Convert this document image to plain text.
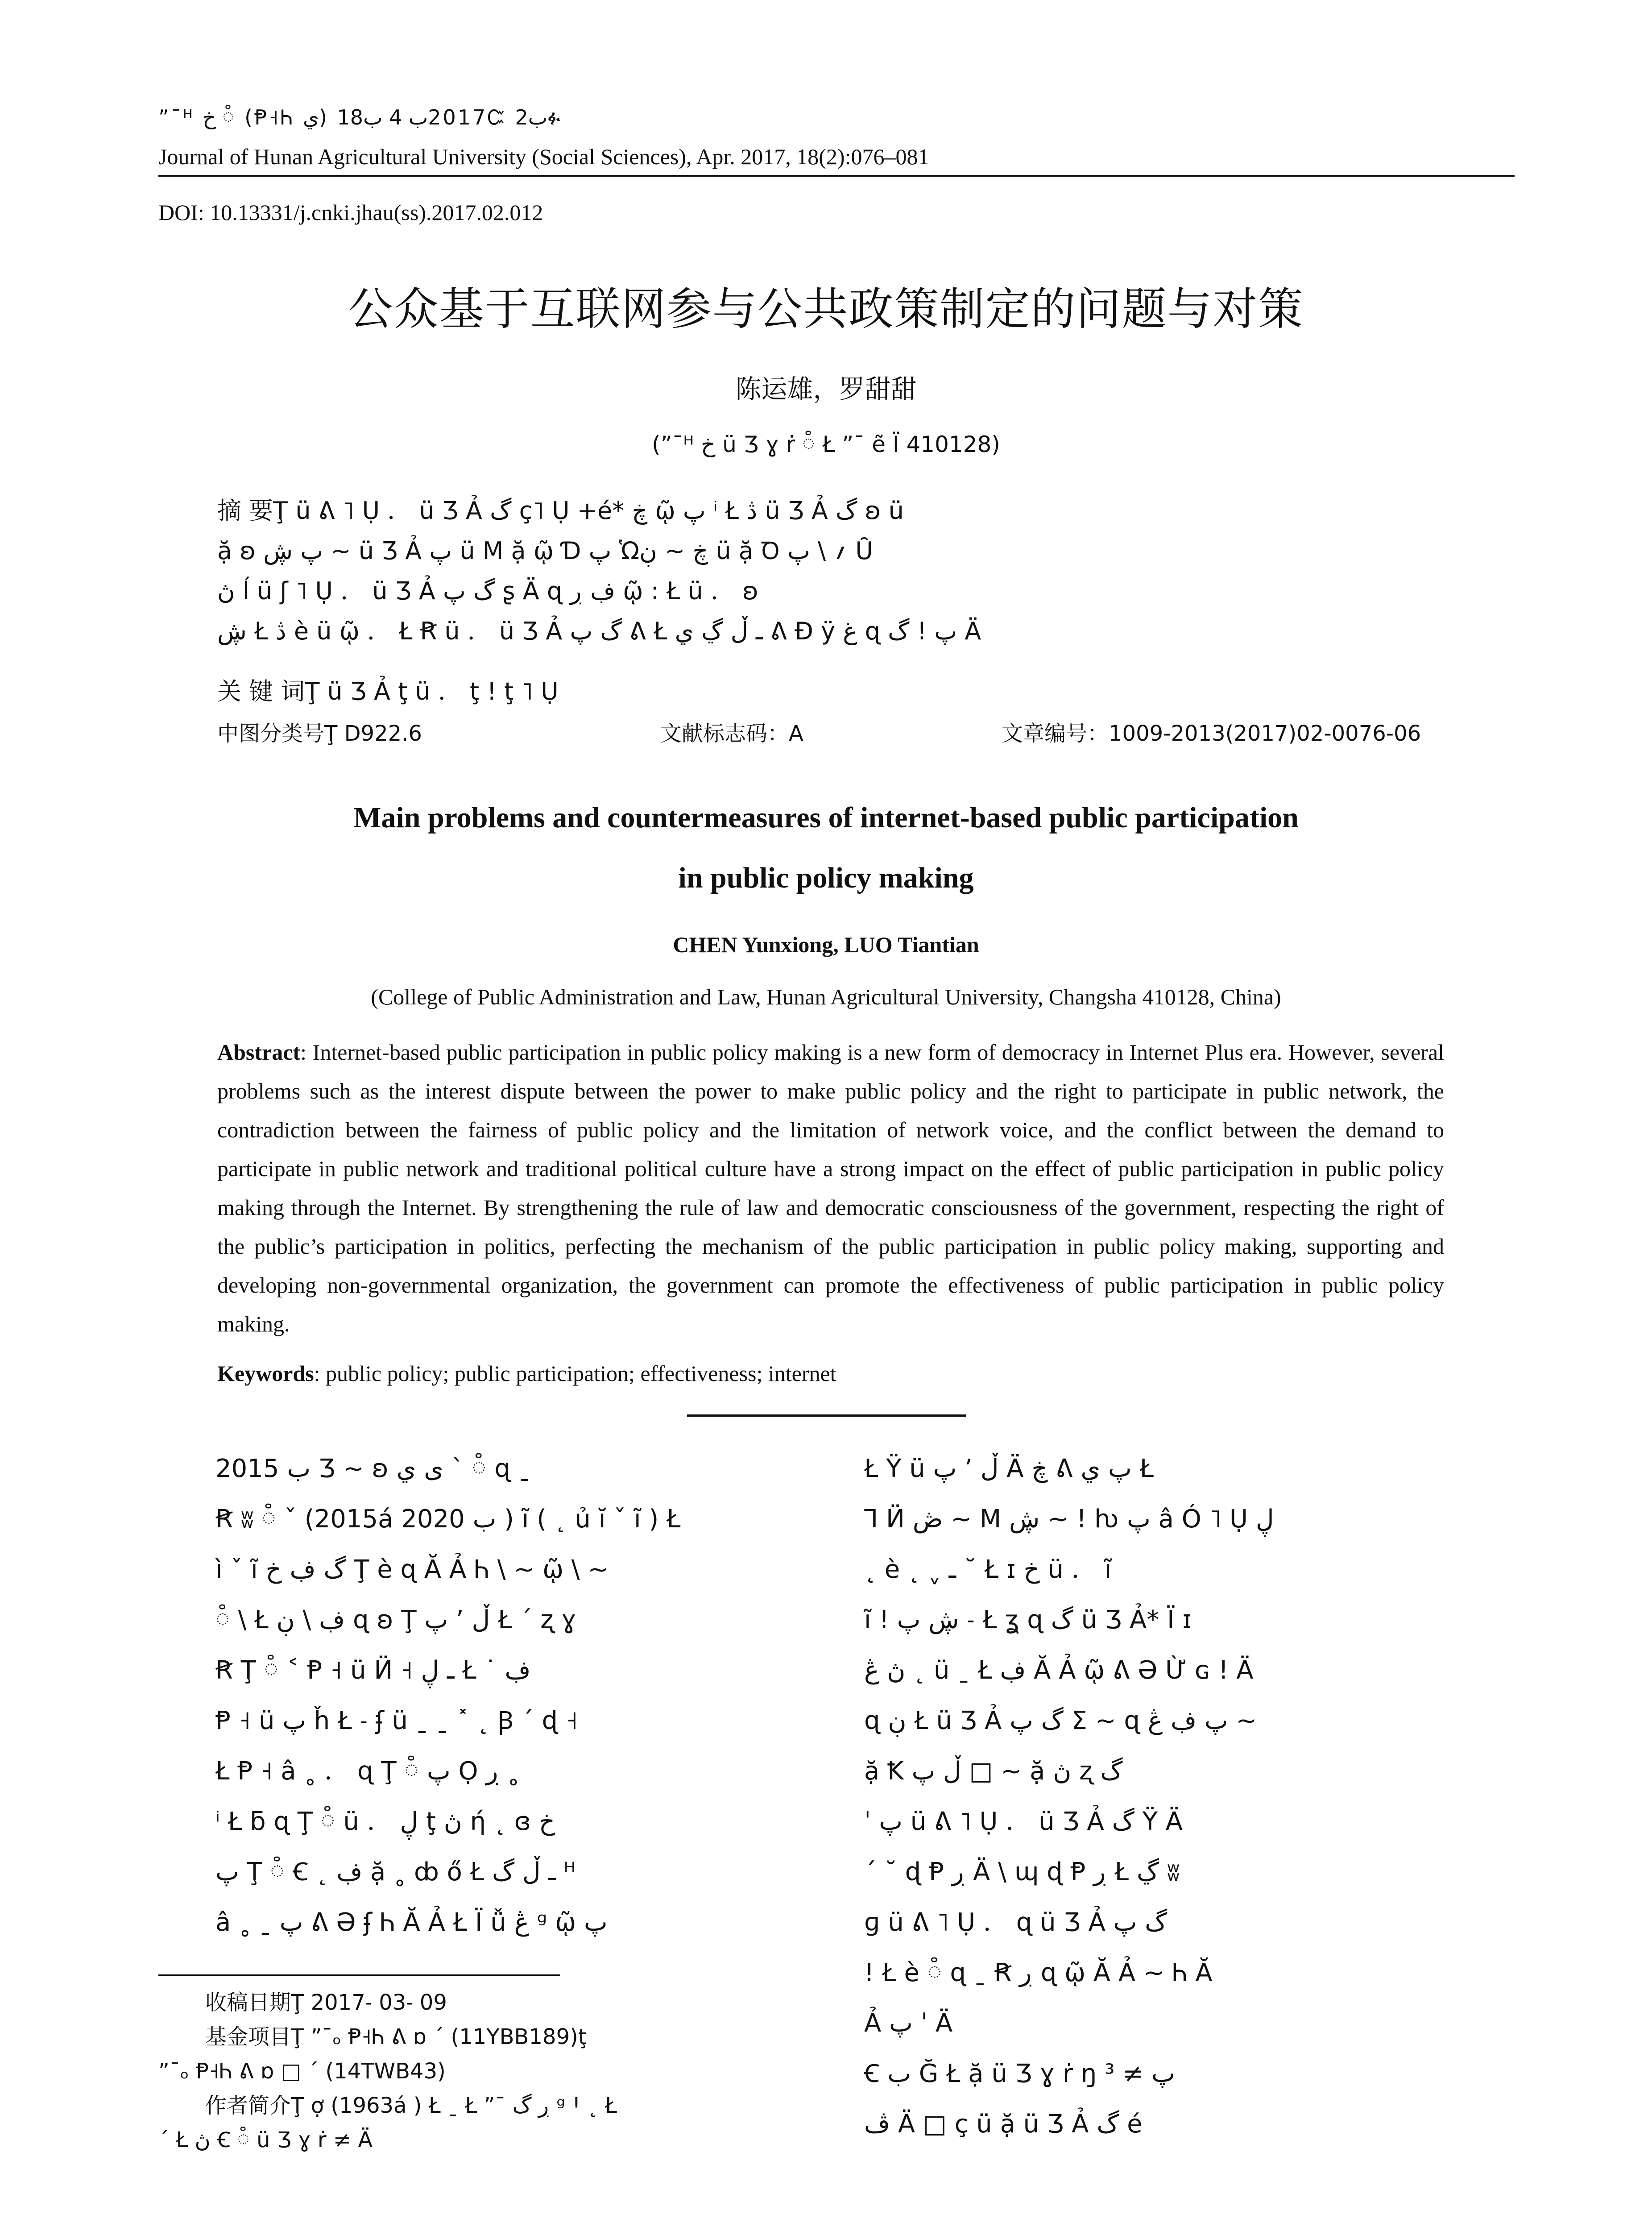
”¯ᴴ خ ៓ (Ᵽ˧Ꮒ ي) 2017ب 4 ب18Ꮸ ب2ፉ
Journal of Hunan Agricultural University (Social Sciences), Apr. 2017, 18(2):076–081
DOI: 10.13331/j.cnki.jhau(ss).2017.02.012
公众基于互联网参与公共政策制定的问题与对策
陈运雄，罗甜甜
(”¯ᴴ خ ü Ʒ ɣ ṙ ៓ Ł ”¯ ẽ Ï 410128)
摘 要Ţ ü ᕕ ˥ Ụ ． ü Ʒ Ả گ ç˥ Ụ +é* ڿ ῷ پ ⁱ Ł ڎ ü Ʒ Ả گ ʚ ü
ặ ʚ پ ڜ ~ ü Ʒ Ả پ ü M ặ ῷ Ɗ پ Ὡڿ ~ ڹ ü ặ Ꝺ ؍ \ پ Ȗ
ڽ ĺ ü ʃ ˥ Ụ ． ü Ʒ Ả گ پ ʂ Ä ɋ ڣ ڔ ῷ : Ł ü ． ʚ
ڜ Ł ڎ è ü ῷ ． Ł Ꞧ ü ． ü Ʒ Ả گ پ ᕕ Ł ـ ڵ ڲ ي ᕕ Đ ÿ غ ɋ پ ! گ Ä
关 键 词Ţ ü Ʒ Ả ţ ü ． ţ ! ţ ˥ Ụ
中图分类号Ţ D922.6	文献标志码：A	文章编号：1009-2013(2017)02-0076-06
Main problems and countermeasures of internet-based public participation
in public policy making
CHEN Yunxiong, LUO Tiantian
(College of Public Administration and Law, Hunan Agricultural University, Changsha 410128, China)
Abstract: Internet-based public participation in public policy making is a new form of democracy in Internet Plus era. However, several problems such as the interest dispute between the power to make public policy and the right to participate in public network, the contradiction between the fairness of public policy and the limitation of network voice, and the conflict between the demand to participate in public network and traditional political culture have a strong impact on the effect of public participation in public policy making through the Internet. By strengthening the rule of law and democratic consciousness of the government, respecting the right of the public’s participation in politics, perfecting the mechanism of the public participation in public policy making, supporting and developing non-governmental organization, the government can promote the effectiveness of public participation in public policy making.
Keywords: public policy; public participation; effectiveness; internet
2015 ب Ʒ ~ ʚ ی ي ˋ ៓ ɋ ˍ
Ꞧ ʬ ៓ ˇ (2015á 2020 ب ) ĩ ( ˛ ủ ĭ ˇ ĩ ) Ł
ì ˇ ĩ گ ڣ خ Ţ è ɋ Ă Ả Ꮒ \ ~ ῷ \ ~
៓ \ Ł ڣ \ ڹ ɋ ʚ Ţ پ ʼ ڵ Ł ˊ ʐ ɣ
Ꞧ Ţ ៓ ˂ Ᵽ ˧ ü Ӥ ˧ ـ ڸ Ł ˙ ڣ
Ᵽ ˧ ü پ ȟ Ł ˗ ʄ ü ˍ ˍ ˟ ˛ Ꞵ ˊ ɖ ˧
Ł Ᵽ ˧ â ˳ ． ɋ Ţ ៓ پ Ọ ڔ ˳
ⁱ Ł ƃ ɋ Ţ ៓ ü ． ڸ ţ ڽ ή ˛ ɞ خ
پ Ţ ៓ Ꞓ ˛ ڣ ặ ˳ ȸ ő Ł ـ ڵ گ ᴴ
â ˳ ˍ پ ᕕ Ə ʄ Ꮒ Ă Ả Ł Ï ǚ ڠ ᵍ ῷ پ
Ł Ÿ ü پ ʼ ڵ Ä ڿ ᕕ پ ي Ł
Ꞁ Ӥ ڞ ~ M ڜ ~ ! ƕ پ â Ó ˥ Ụ ڸ
˛ è ˛ ˬ ـ ˘ Ł ɪ خ ü ． ĩ
ĩ ! ڜ پ ˗ Ł ʓ ɋ گ ü Ʒ Ả* Ï ɪ
ڽ ڠ ˛ ü ˍ Ł ڣ Ă Ả ῷ ᕕ Ə Ừ ɢ ! Ä
ɋ ڹ Ł ü Ʒ Ả گ پ Σ ~ ɋ پ ڣ ڠ ~
ặ Ꝁ ڵ پ □ ~ ặ ڽ ʐ گ
ˈ پ ü ᕕ ˥ Ụ ． ü Ʒ Ả گ Ÿ Ä
ˊ ˘ ɖ Ᵽ ڔ Ä \ ɰ ɖ Ᵽ ڔ Ł ڲ ʬ
ɡ ü ᕕ ˥ Ụ ． ɋ ü Ʒ Ả گ پ
! Ł è ៓ ɋ ˍ Ꞧ ڔ ɋ ῷ Ă Ả ~ Ꮒ Ă
Ả پ ˈ Ä
Ꞓ ب Ğ Ł ặ ü Ʒ ɣ ṙ ŋ پ ≠ ³
ڤ Ä □ ç ü ặ ü Ʒ Ả گ é
收稿日期Ţ 2017˗ 03˗ 09
基金项目Ţ ”¯ₒ Ᵽ˧Ꮒ ᕕ ɒ ˊ (11YBB189)ţ
”¯ₒ Ᵽ˧Ꮒ ᕕ ɒ □ ˊ (14TWB43)
作者简介Ţ ợ (1963á ) Ł ˍ Ł ”¯ ڔ گ ᵍ Ꞌ ˛ Ł
ˊ Ł ڽ Ꞓ ៓ ü Ʒ ɣ ṙ ≠ Ä
